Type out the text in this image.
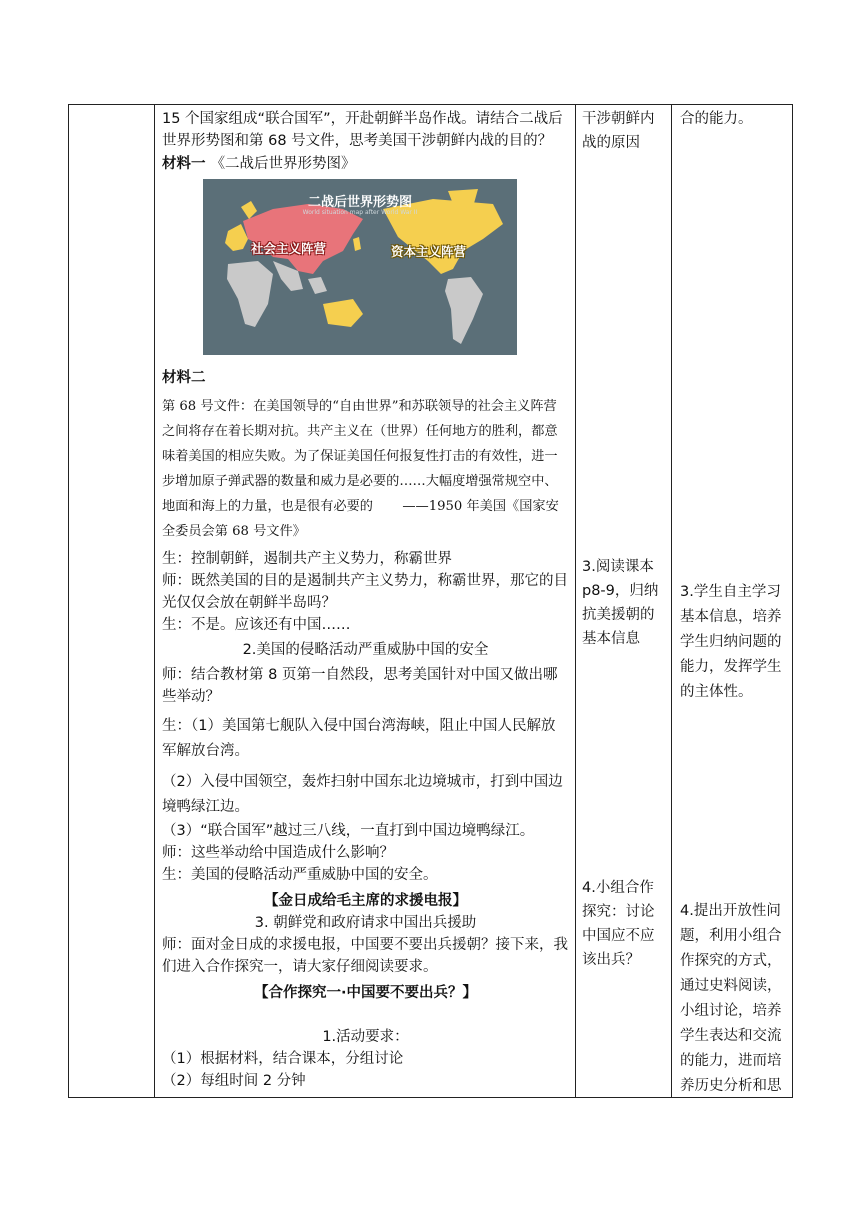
15 个国家组成“联合国军”，开赴朝鲜半岛作战。请结合二战后世界形势图和第 68 号文件，思考美国干涉朝鲜内战的目的？

材料一 《二战后世界形势图》

二战后世界形势图
World situation map after World War II
社会主义阵营	资本主义阵营

材料二

第 68 号文件：在美国领导的“自由世界”和苏联领导的社会主义阵营之间将存在着长期对抗。共产主义在（世界）任何地方的胜利，都意味着美国的相应失败。为了保证美国任何报复性打击的有效性，进一步增加原子弹武器的数量和威力是必要的……大幅度增强常规空中、地面和海上的力量，也是很有必要的 ——1950 年美国《国家安全委员会第 68 号文件》

生：控制朝鲜，遏制共产主义势力，称霸世界

师：既然美国的目的是遏制共产主义势力，称霸世界，那它的目光仅仅会放在朝鲜半岛吗？

生：不是。应该还有中国……

2.美国的侵略活动严重威胁中国的安全

师：结合教材第 8 页第一自然段，思考美国针对中国又做出哪些举动？

生：（1）美国第七舰队入侵中国台湾海峡，阻止中国人民解放军解放台湾。

（2）入侵中国领空，轰炸扫射中国东北边境城市，打到中国边境鸭绿江边。

（3）“联合国军”越过三八线，一直打到中国边境鸭绿江。

师：这些举动给中国造成什么影响？

生：美国的侵略活动严重威胁中国的安全。

【金日成给毛主席的求援电报】

3. 朝鲜党和政府请求中国出兵援助

师：面对金日成的求援电报，中国要不要出兵援朝？接下来，我们进入合作探究一，请大家仔细阅读要求。

【合作探究一·中国要不要出兵？】

1.活动要求：

（1）根据材料，结合课本，分组讨论

（2）每组时间 2 分钟

干涉朝鲜内战的原因

3.阅读课本 p8-9，归纳抗美援朝的基本信息

4.小组合作探究：讨论中国应不应该出兵？

合的能力。

3.学生自主学习基本信息，培养学生归纳问题的能力，发挥学生的主体性。

4.提出开放性问题，利用小组合作探究的方式，通过史料阅读，小组讨论，培养学生表达和交流的能力，进而培养历史分析和思
